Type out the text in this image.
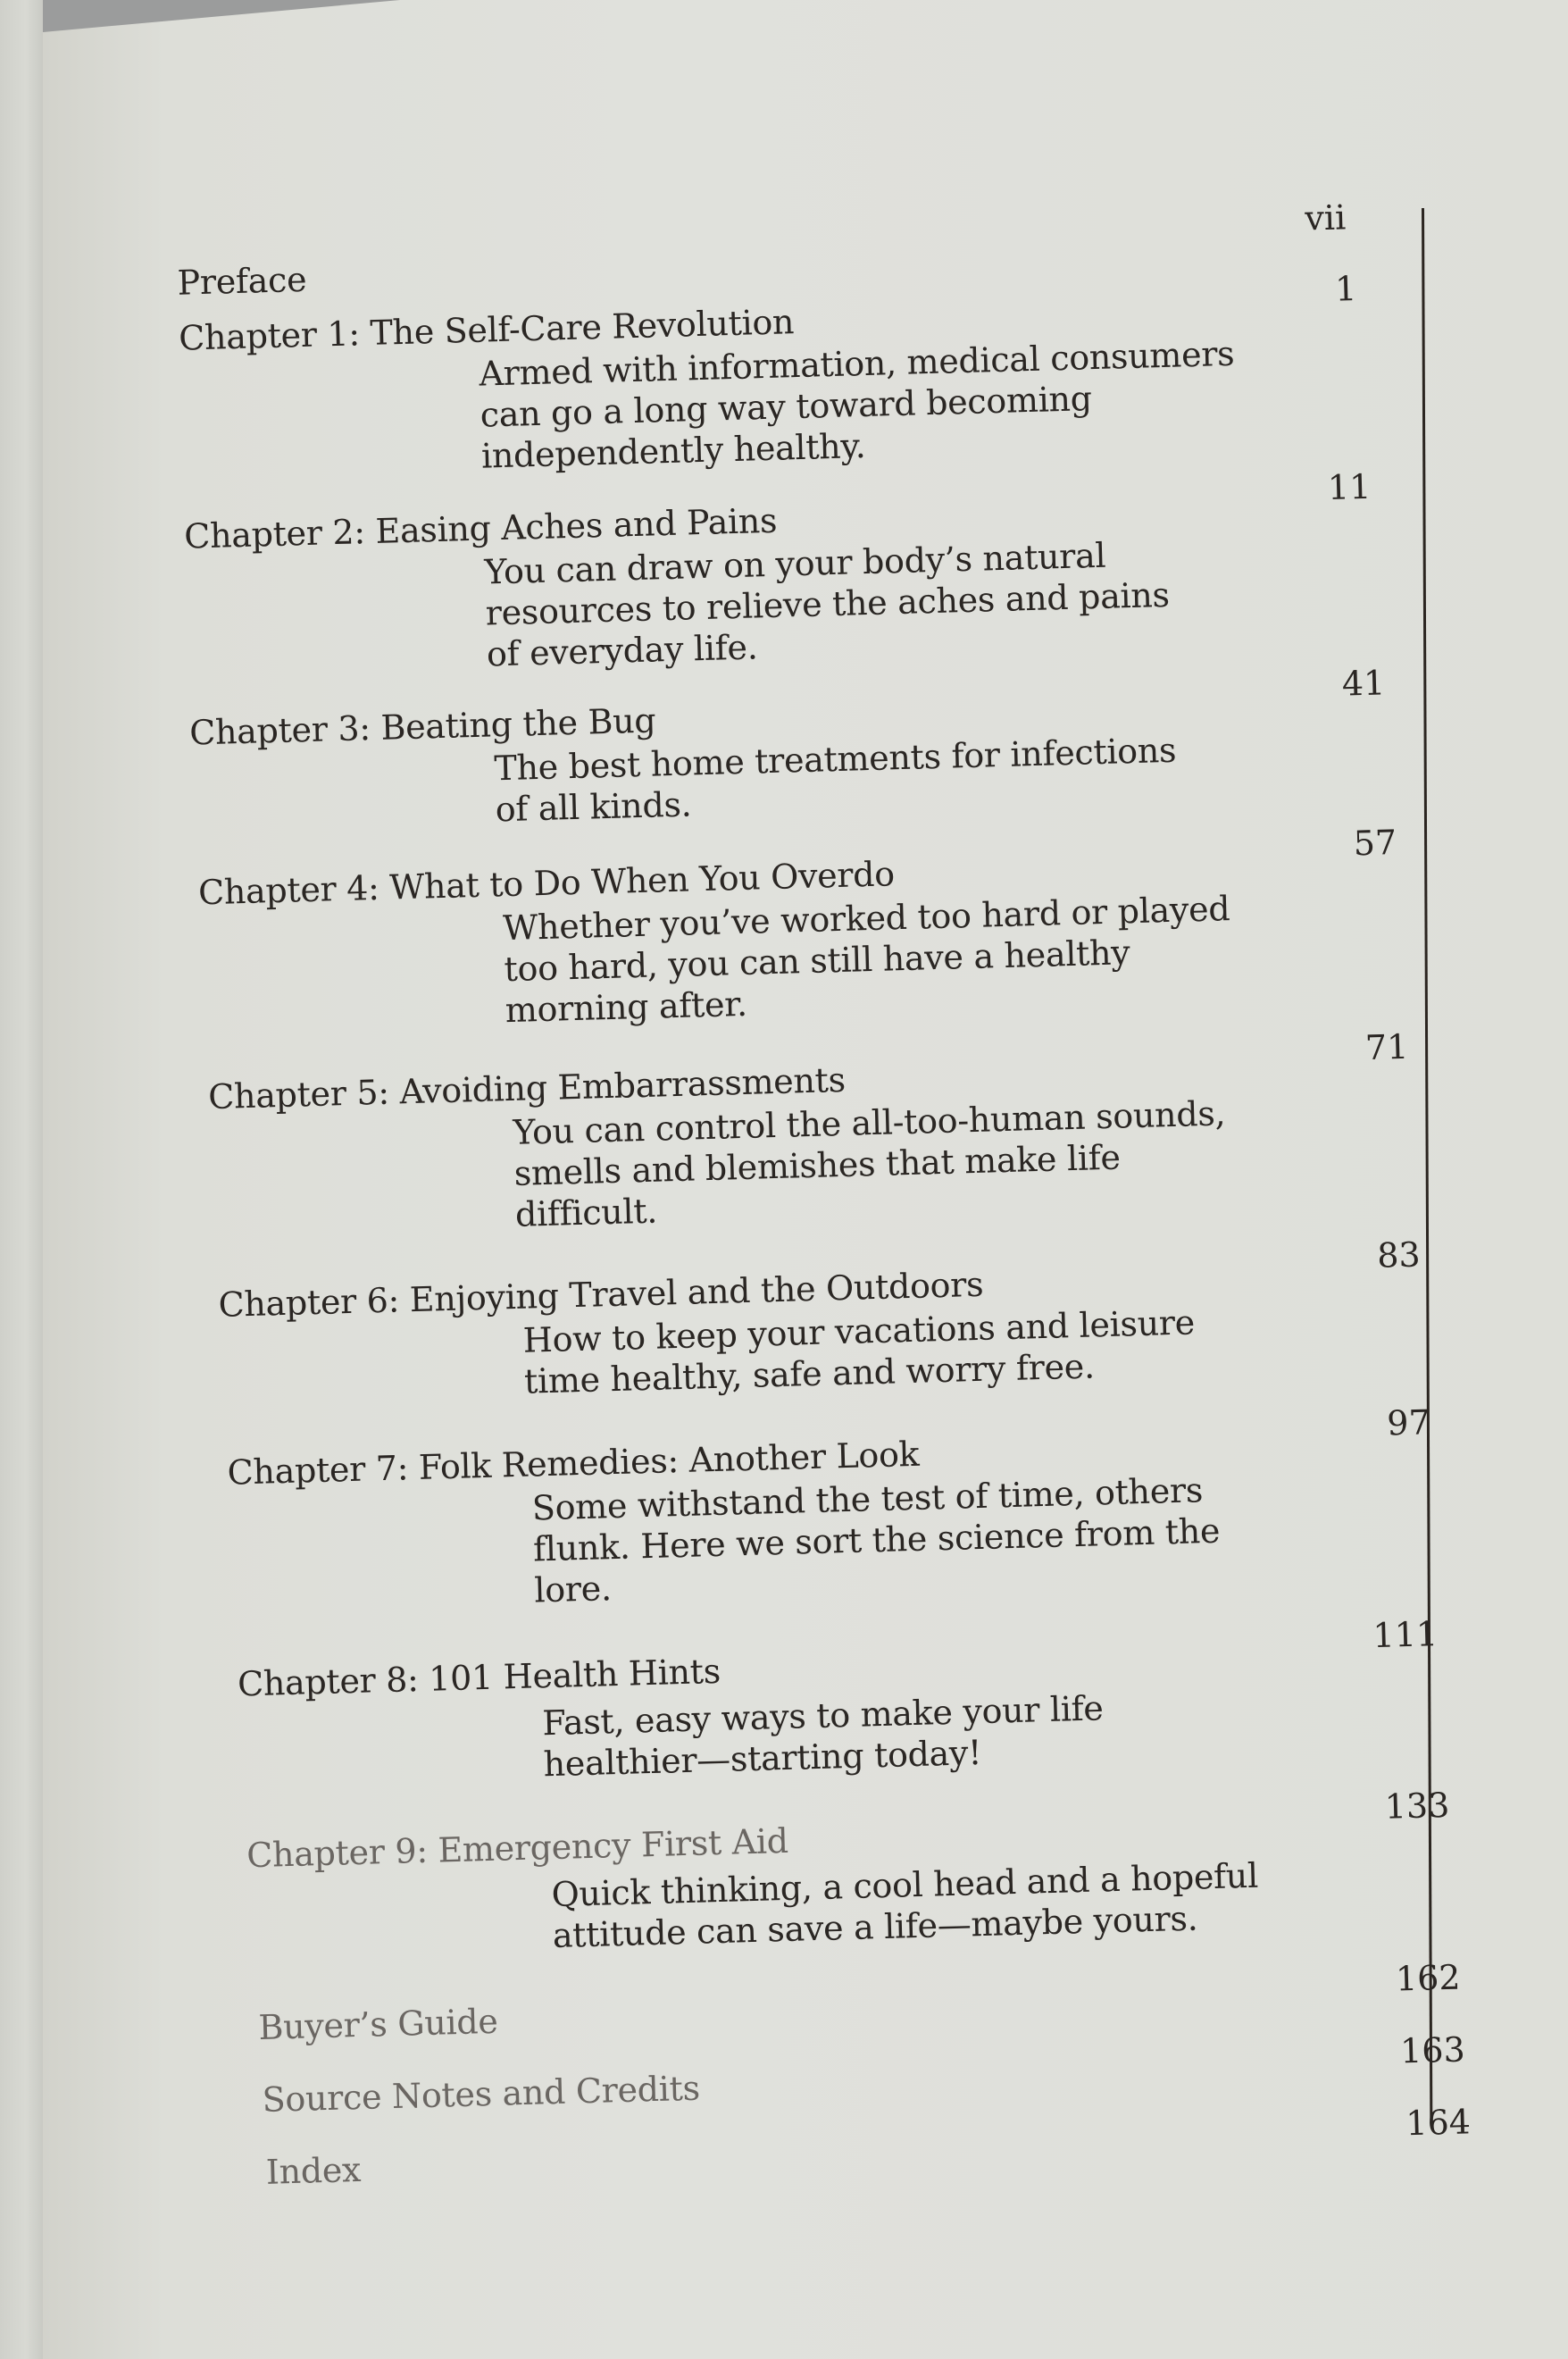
Preface
vii
Chapter 1: The Self-Care Revolution
1
Armed with information, medical consumers
can go a long way toward becoming
independently healthy.
Chapter 2: Easing Aches and Pains
11
You can draw on your body’s natural
resources to relieve the aches and pains
of everyday life.
Chapter 3: Beating the Bug
41
The best home treatments for infections
of all kinds.
Chapter 4: What to Do When You Overdo
57
Whether you’ve worked too hard or played
too hard, you can still have a healthy
morning after.
Chapter 5: Avoiding Embarrassments
71
You can control the all-too-human sounds,
smells and blemishes that make life
difficult.
Chapter 6: Enjoying Travel and the Outdoors
83
How to keep your vacations and leisure
time healthy, safe and worry free.
Chapter 7: Folk Remedies: Another Look
97
Some withstand the test of time, others
flunk. Here we sort the science from the
lore.
Chapter 8: 101 Health Hints
111
Fast, easy ways to make your life
healthier—starting today!
Chapter 9: Emergency First Aid
133
Quick thinking, a cool head and a hopeful
attitude can save a life—maybe yours.
Buyer’s Guide
162
Source Notes and Credits
163
Index
164
